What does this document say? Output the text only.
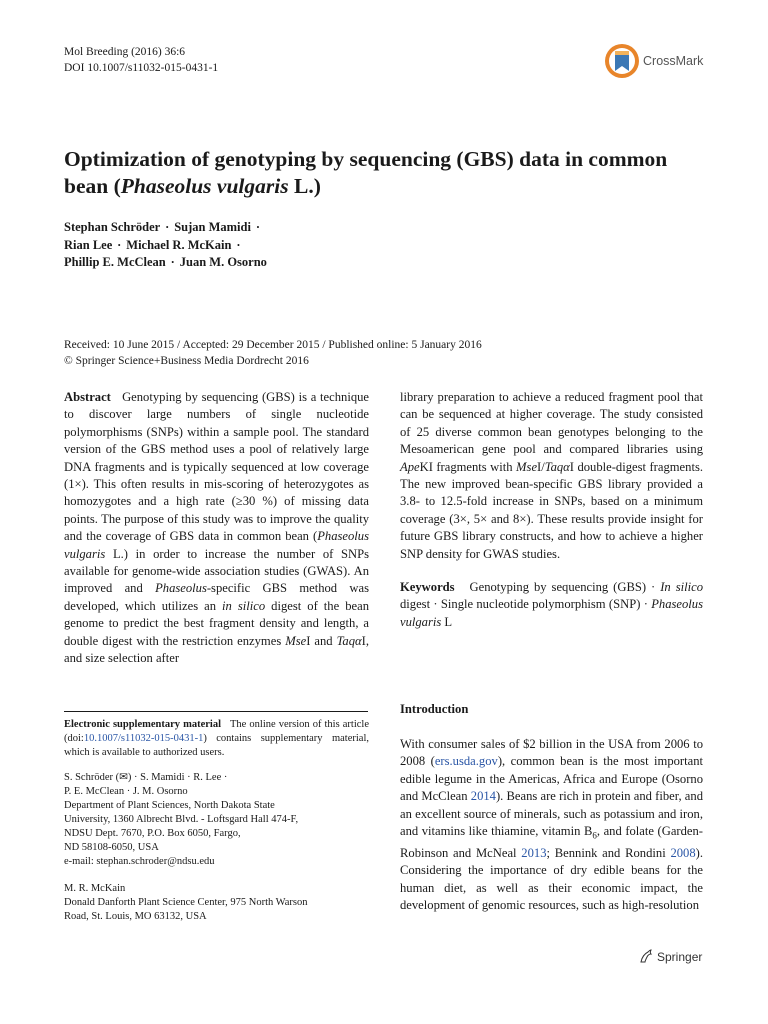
Mol Breeding (2016) 36:6
DOI 10.1007/s11032-015-0431-1	CrossMark
Optimization of genotyping by sequencing (GBS) data in common bean (Phaseolus vulgaris L.)
Stephan Schröder · Sujan Mamidi ·
Rian Lee · Michael R. McKain ·
Phillip E. McClean · Juan M. Osorno
Received: 10 June 2015 / Accepted: 29 December 2015 / Published online: 5 January 2016
© Springer Science+Business Media Dordrecht 2016

Abstract Genotyping by sequencing (GBS) is a technique to discover large numbers of single nucleotide polymorphisms (SNPs) within a sample pool. The standard version of the GBS method uses a pool of relatively large DNA fragments and is typically sequenced at low coverage (1×). This often results in mis-scoring of heterozygotes as homozygotes and a high rate (≥30 %) of missing data points. The purpose of this study was to improve the quality and the coverage of GBS data in common bean (Phaseolus vulgaris L.) in order to increase the number of SNPs available for genome-wide association studies (GWAS). An improved and Phaseolus-specific GBS method was developed, which utilizes an in silico digest of the bean genome to predict the best fragment density and length, a double digest with the restriction enzymes MseI and TaqαI, and size selection after

Electronic supplementary material The online version of this article (doi:10.1007/s11032-015-0431-1) contains supplementary material, which is available to authorized users.
S. Schröder (✉) · S. Mamidi · R. Lee ·
P. E. McClean · J. M. Osorno
Department of Plant Sciences, North Dakota State
University, 1360 Albrecht Blvd. - Loftsgard Hall 474-F,
NDSU Dept. 7670, P.O. Box 6050, Fargo,
ND 58108-6050, USA
e-mail: stephan.schroder@ndsu.edu
M. R. McKain
Donald Danforth Plant Science Center, 975 North Warson
Road, St. Louis, MO 63132, USA

library preparation to achieve a reduced fragment pool that can be sequenced at higher coverage. The study consisted of 25 diverse common bean genotypes belonging to the Mesoamerican gene pool and compared libraries using ApeKI fragments with MseI/TaqαI double-digest fragments. The new improved bean-specific GBS library provided a 3.8- to 12.5-fold increase in SNPs, based on a minimum coverage (3×, 5× and 8×). These results provide insight for future GBS library constructs, and how to achieve a higher SNP density for GWAS studies.

Keywords Genotyping by sequencing (GBS) · In silico digest · Single nucleotide polymorphism (SNP) · Phaseolus vulgaris L

Introduction

With consumer sales of $2 billion in the USA from 2006 to 2008 (ers.usda.gov), common bean is the most important edible legume in the Americas, Africa and Europe (Osorno and McClean 2014). Beans are rich in protein and fiber, and an excellent source of minerals, such as potassium and iron, and vitamins like thiamine, vitamin $B_6$, and folate (Garden-Robinson and McNeal 2013; Bennink and Rondini 2008). Considering the importance of dry edible beans for the human diet, as well as their economic impact, the development of genomic resources, such as high-resolution

Springer
